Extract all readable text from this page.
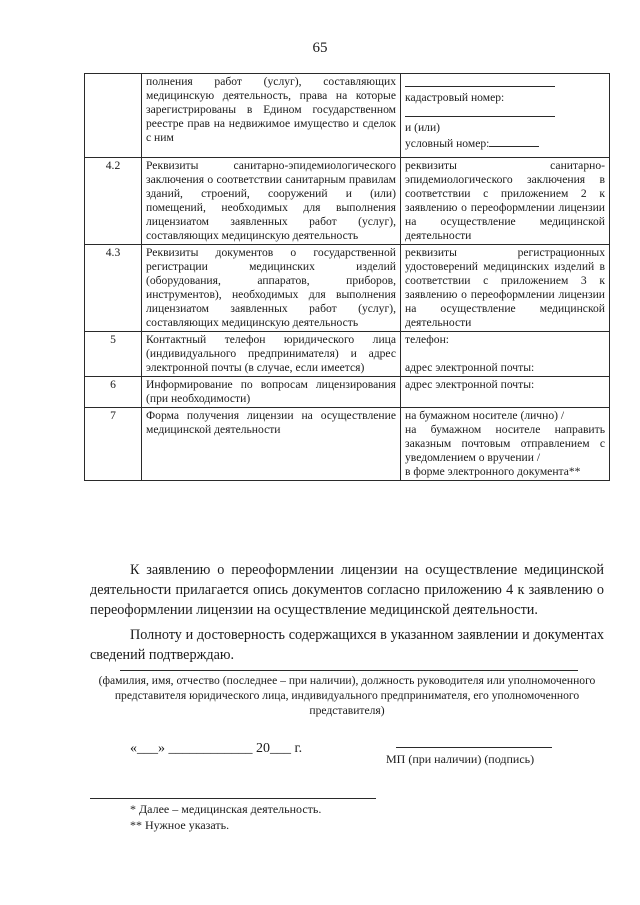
65
	полнения работ (услуг), составляющих медицинскую деятельность, права на которые зарегистрированы в Едином государственном реестре прав на недвижимое имущество и сделок с ним	кадастровый номер:
и (или)
условный номер:

4.2	Реквизиты санитарно-эпидемиологического заключения о соответствии санитарным правилам зданий, строений, сооружений и (или) помещений, необходимых для выполнения лицензиатом заявленных работ (услуг), составляющих медицинскую деятельность	реквизиты санитарно-эпидемиологического заключения в соответствии с приложением 2 к заявлению о переоформлении лицензии на осуществление медицинской деятельности
4.3	Реквизиты документов о государственной регистрации медицинских изделий (оборудования, аппаратов, приборов, инструментов), необходимых для выполнения лицензиатом заявленных работ (услуг), составляющих медицинскую деятельность	реквизиты регистрационных удостоверений медицинских изделий в соответствии с приложением 3 к заявлению о переоформлении лицензии на осуществление медицинской деятельности
5	Контактный телефон юридического лица (индивидуального предпринимателя) и адрес электронной почты (в случае, если имеется)	телефон:
адрес электронной почты:

6	Информирование по вопросам лицензирования (при необходимости)	адрес электронной почты:
7	Форма получения лицензии на осуществление медицинской деятельности	на бумажном носителе (лично) /
на бумажном носителе направить заказным почтовым отправлением с уведомлением о вручении /
в форме электронного документа**
К заявлению о переоформлении лицензии на осуществление медицинской деятельности прилагается опись документов согласно приложению 4 к заявлению о переоформлении лицензии на осуществление медицинской деятельности.
Полноту и достоверность содержащихся в указанном заявлении и документах сведений подтверждаю.
(фамилия, имя, отчество (последнее – при наличии), должность руководителя или уполномоченного представителя юридического лица, индивидуального предпринимателя, его уполномоченного представителя)
«___» ____________ 20___ г.
МП (при наличии) (подпись)
* Далее – медицинская деятельность.
** Нужное указать.
